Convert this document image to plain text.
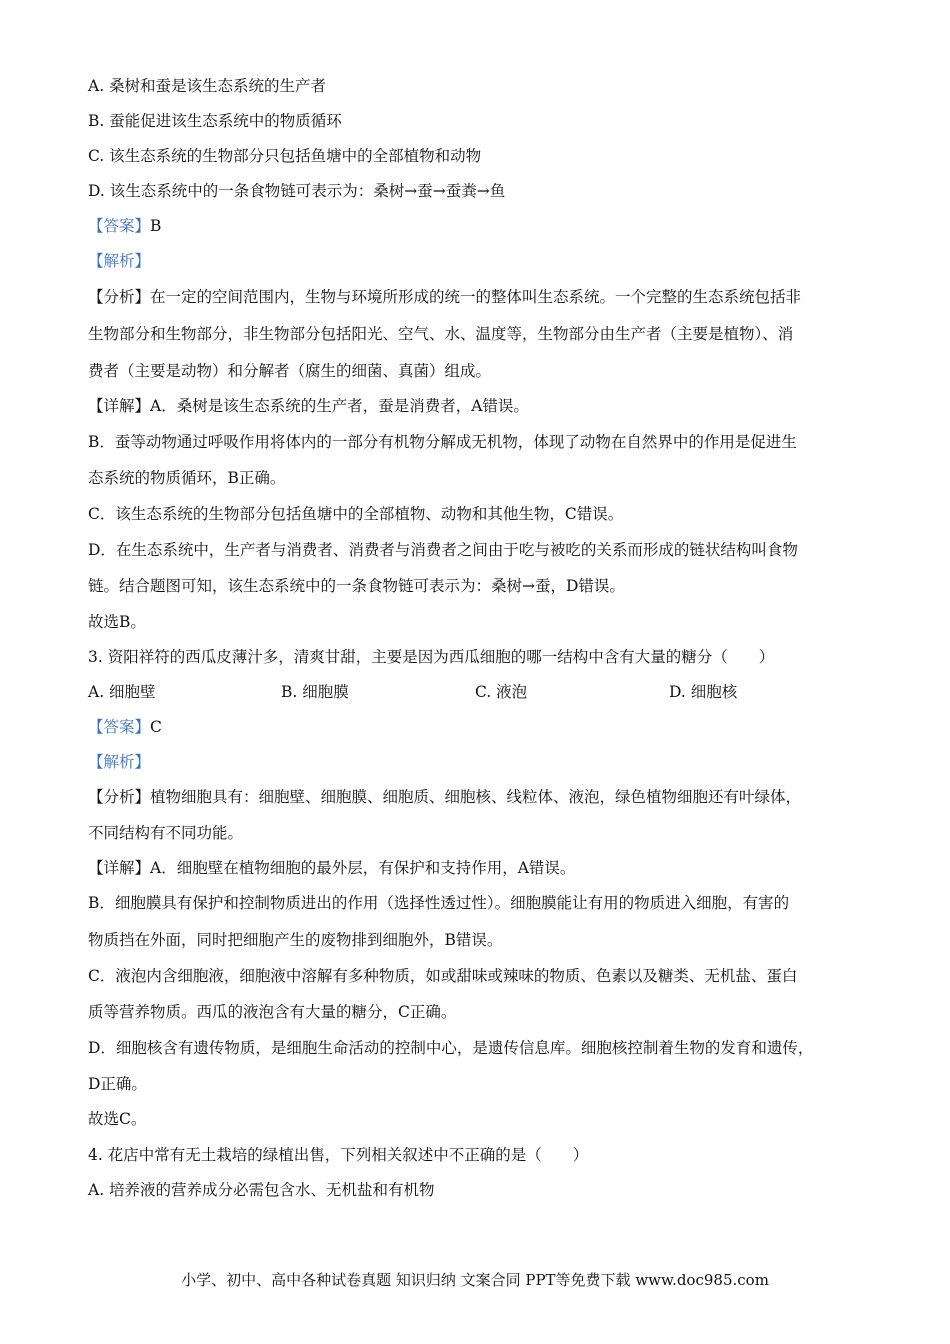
A. 桑树和蚕是该生态系统的生产者
B. 蚕能促进该生态系统中的物质循环
C. 该生态系统的生物部分只包括鱼塘中的全部植物和动物
D. 该生态系统中的一条食物链可表示为：桑树→蚕→蚕粪→鱼
【答案】B
【解析】
【分析】在一定的空间范围内，生物与环境所形成的统一的整体叫生态系统。一个完整的生态系统包括非
生物部分和生物部分，非生物部分包括阳光、空气、水、温度等，生物部分由生产者（主要是植物）、消
费者（主要是动物）和分解者（腐生的细菌、真菌）组成。
【详解】A．桑树是该生态系统的生产者，蚕是消费者，A错误。
B．蚕等动物通过呼吸作用将体内的一部分有机物分解成无机物，体现了动物在自然界中的作用是促进生
态系统的物质循环，B正确。
C．该生态系统的生物部分包括鱼塘中的全部植物、动物和其他生物，C错误。
D．在生态系统中，生产者与消费者、消费者与消费者之间由于吃与被吃的关系而形成的链状结构叫食物
链。结合题图可知，该生态系统中的一条食物链可表示为：桑树→蚕，D错误。
故选B。
3. 资阳祥符的西瓜皮薄汁多，清爽甘甜，主要是因为西瓜细胞的哪一结构中含有大量的糖分（　　）
A. 细胞壁	B. 细胞膜	C. 液泡	D. 细胞核
【答案】C
【解析】
【分析】植物细胞具有：细胞壁、细胞膜、细胞质、细胞核、线粒体、液泡，绿色植物细胞还有叶绿体，
不同结构有不同功能。
【详解】A．细胞壁在植物细胞的最外层，有保护和支持作用，A错误。
B．细胞膜具有保护和控制物质进出的作用（选择性透过性）。细胞膜能让有用的物质进入细胞，有害的
物质挡在外面，同时把细胞产生的废物排到细胞外，B错误。
C．液泡内含细胞液，细胞液中溶解有多种物质，如或甜味或辣味的物质、色素以及糖类、无机盐、蛋白
质等营养物质。西瓜的液泡含有大量的糖分，C正确。
D．细胞核含有遗传物质，是细胞生命活动的控制中心，是遗传信息库。细胞核控制着生物的发育和遗传，
D正确。
故选C。
4. 花店中常有无土栽培的绿植出售，下列相关叙述中不正确的是（　　）
A. 培养液的营养成分必需包含水、无机盐和有机物
小学、初中、高中各种试卷真题 知识归纳 文案合同 PPT等免费下载 www.doc985.com
